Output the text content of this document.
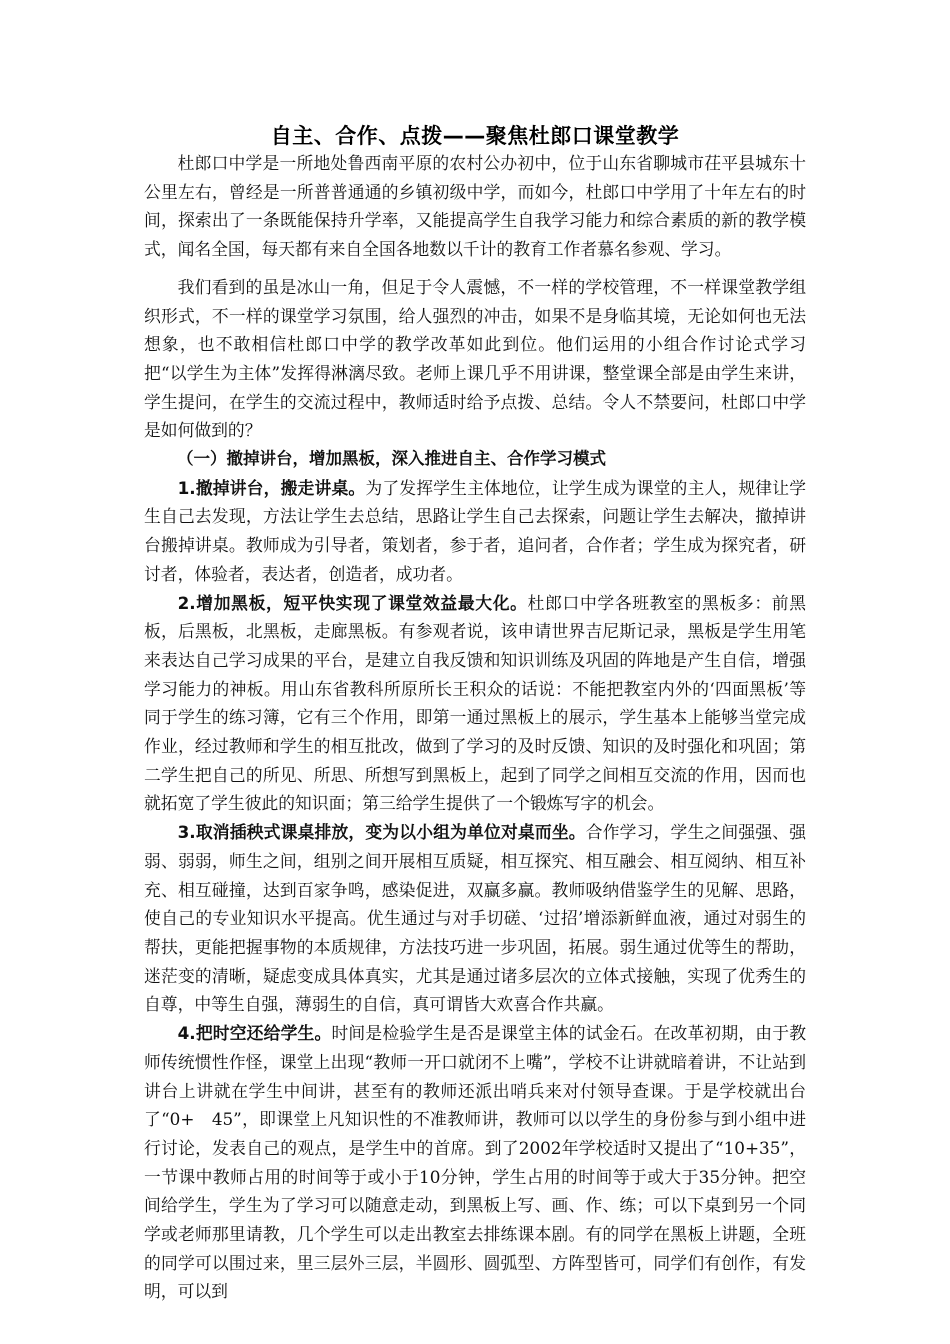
自主、合作、点拨——聚焦杜郎口课堂教学

杜郎口中学是一所地处鲁西南平原的农村公办初中，位于山东省聊城市茌平县城东十公里左右，曾经是一所普普通通的乡镇初级中学，而如今，杜郎口中学用了十年左右的时间，探索出了一条既能保持升学率，又能提高学生自我学习能力和综合素质的新的教学模式，闻名全国，每天都有来自全国各地数以千计的教育工作者慕名参观、学习。

我们看到的虽是冰山一角，但足于令人震憾，不一样的学校管理，不一样课堂教学组织形式，不一样的课堂学习氛围，给人强烈的冲击，如果不是身临其境，无论如何也无法想象，也不敢相信杜郎口中学的教学改革如此到位。他们运用的小组合作讨论式学习把“以学生为主体”发挥得淋漓尽致。老师上课几乎不用讲课，整堂课全部是由学生来讲，学生提问，在学生的交流过程中，教师适时给予点拨、总结。令人不禁要问，杜郎口中学是如何做到的？

（一）撤掉讲台，增加黑板，深入推进自主、合作学习模式

1.撤掉讲台，搬走讲桌。为了发挥学生主体地位，让学生成为课堂的主人，规律让学生自己去发现，方法让学生去总结，思路让学生自己去探索，问题让学生去解决，撤掉讲台搬掉讲桌。教师成为引导者，策划者，参于者，追问者，合作者；学生成为探究者，研讨者，体验者，表达者，创造者，成功者。

2.增加黑板，短平快实现了课堂效益最大化。杜郎口中学各班教室的黑板多：前黑板，后黑板，北黑板，走廊黑板。有参观者说，该申请世界吉尼斯记录，黑板是学生用笔来表达自己学习成果的平台，是建立自我反馈和知识训练及巩固的阵地是产生自信，增强学习能力的神板。用山东省教科所原所长王积众的话说：不能把教室内外的‘四面黑板’等同于学生的练习簿，它有三个作用，即第一通过黑板上的展示，学生基本上能够当堂完成作业，经过教师和学生的相互批改，做到了学习的及时反馈、知识的及时强化和巩固；第二学生把自己的所见、所思、所想写到黑板上，起到了同学之间相互交流的作用，因而也就拓宽了学生彼此的知识面；第三给学生提供了一个锻炼写字的机会。

3.取消插秧式课桌排放，变为以小组为单位对桌而坐。合作学习，学生之间强强、强弱、弱弱，师生之间，组别之间开展相互质疑，相互探究、相互融会、相互阅纳、相互补充、相互碰撞，达到百家争鸣，感染促进，双赢多赢。教师吸纳借鉴学生的见解、思路，使自己的专业知识水平提高。优生通过与对手切磋、‘过招’增添新鲜血液，通过对弱生的帮扶，更能把握事物的本质规律，方法技巧进一步巩固，拓展。弱生通过优等生的帮助，迷茫变的清晰，疑虑变成具体真实，尤其是通过诸多层次的立体式接触，实现了优秀生的自尊，中等生自强，薄弱生的自信，真可谓皆大欢喜合作共赢。

4.把时空还给学生。时间是检验学生是否是课堂主体的试金石。在改革初期，由于教师传统惯性作怪，课堂上出现“教师一开口就闭不上嘴”，学校不让讲就暗着讲，不让站到讲台上讲就在学生中间讲，甚至有的教师还派出哨兵来对付领导查课。于是学校就出台了“0+　45”，即课堂上凡知识性的不准教师讲，教师可以以学生的身份参与到小组中进行讨论，发表自己的观点，是学生中的首席。到了2002年学校适时又提出了“10+35”，一节课中教师占用的时间等于或小于10分钟，学生占用的时间等于或大于35分钟。把空间给学生，学生为了学习可以随意走动，到黑板上写、画、作、练；可以下桌到另一个同学或老师那里请教，几个学生可以走出教室去排练课本剧。有的同学在黑板上讲题，全班的同学可以围过来，里三层外三层，半圆形、圆弧型、方阵型皆可，同学们有创作，有发明，可以到
